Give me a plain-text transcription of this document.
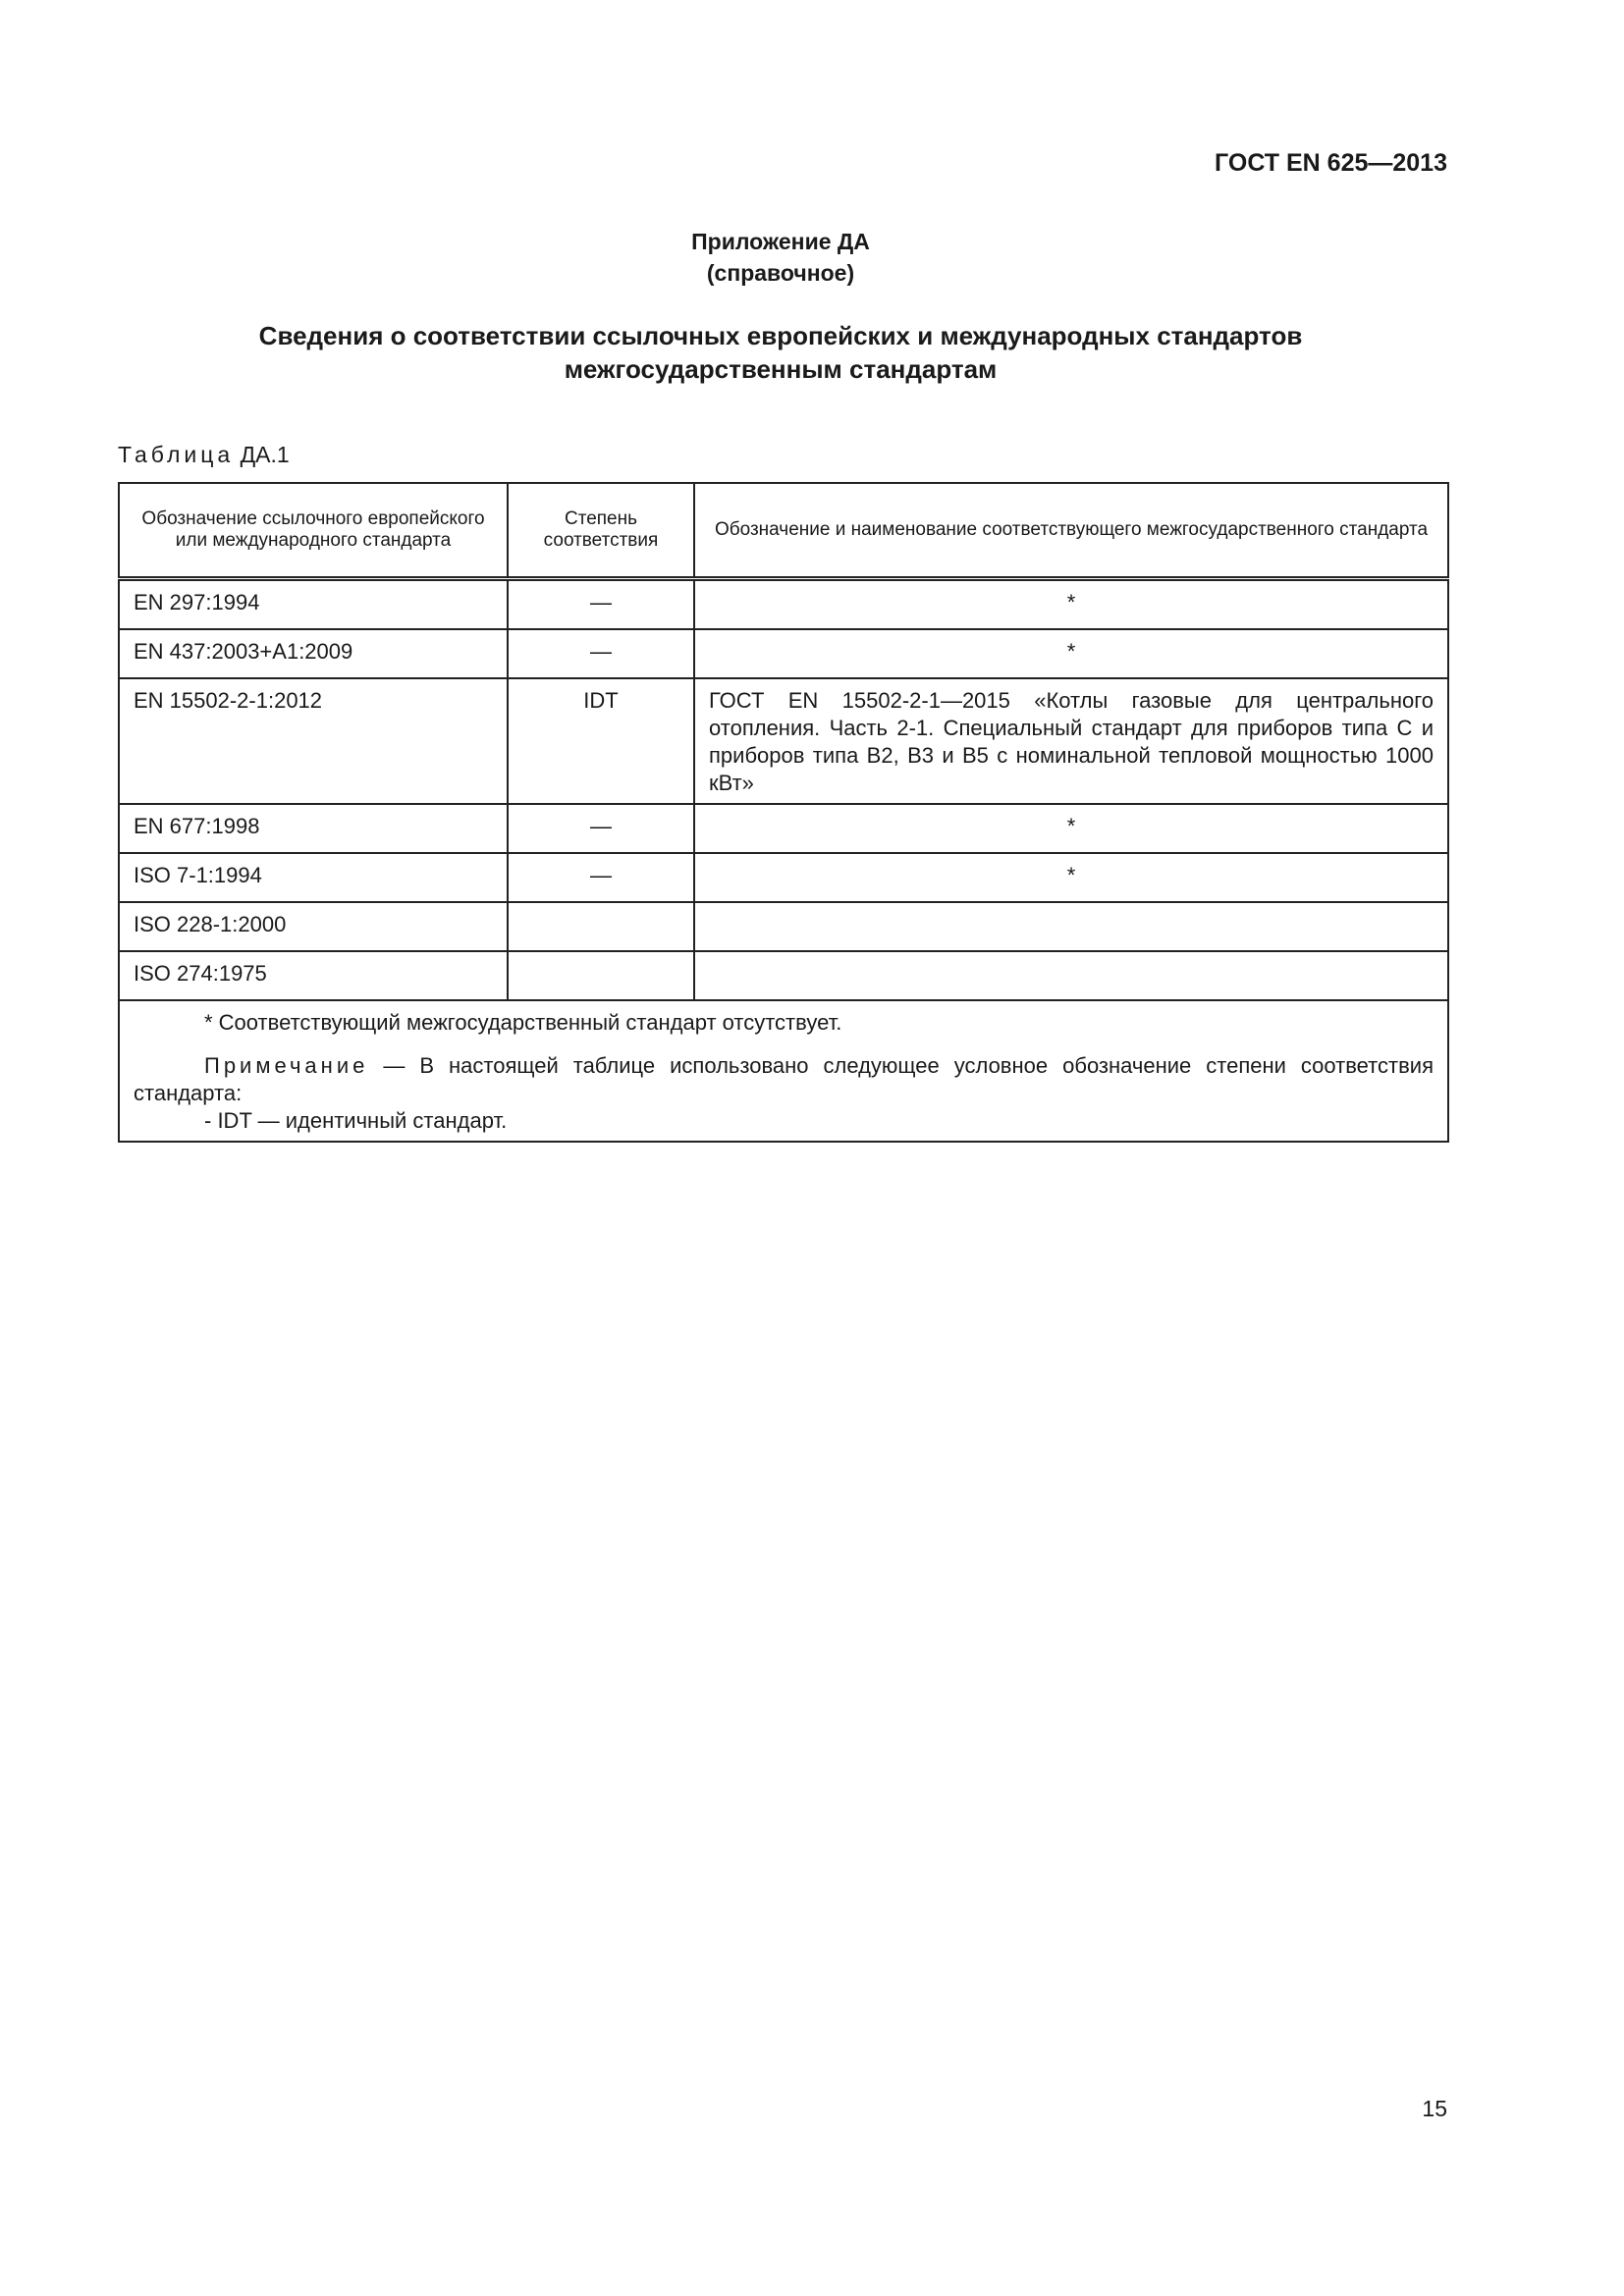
ГОСТ EN 625—2013
Приложение ДА
(справочное)
Сведения о соответствии ссылочных европейских и международных стандартов
межгосударственным стандартам
Таблица ДА.1
Обозначение ссылочного европейского или международного стандарта	Степень соответствия	Обозначение и наименование соответствующего межгосударственного стандарта
EN 297:1994	—	*
EN 437:2003+A1:2009	—	*
EN 15502-2-1:2012	IDT	ГОСТ EN 15502-2-1—2015 «Котлы газовые для центрального отопления. Часть 2-1. Специальный стандарт для приборов типа C и приборов типа B2, B3 и B5 с номинальной тепловой мощностью 1000 кВт»
EN 677:1998	—	*
ISO 7-1:1994	—	*
ISO 228-1:2000		
ISO 274:1975		

* Соответствующий межгосударственный стандарт отсутствует.
Примечание — В настоящей таблице использовано следующее условное обозначение степени соответствия стандарта:
- IDT — идентичный стандарт.		
15
